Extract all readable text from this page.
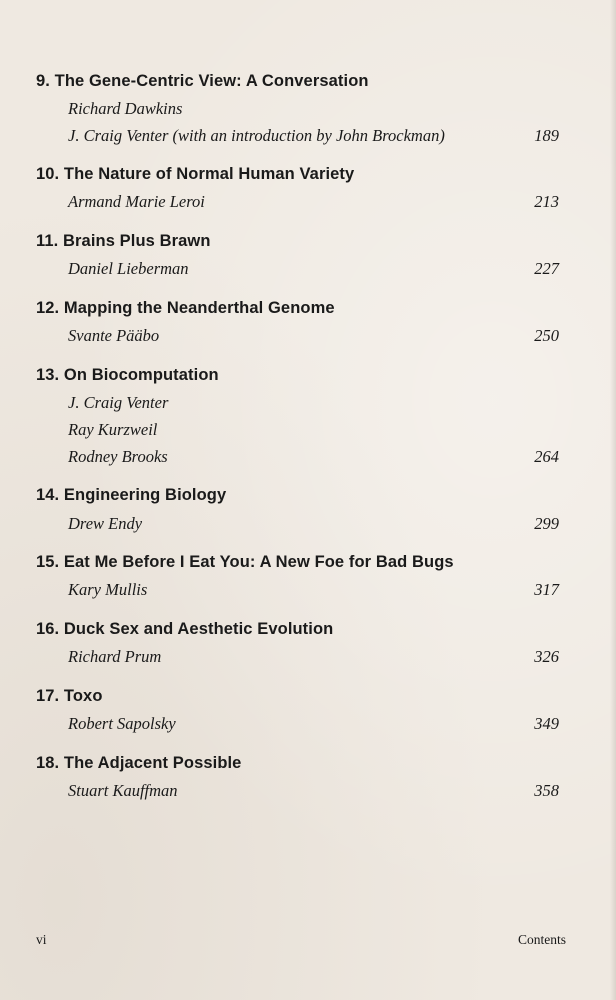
9. The Gene-Centric View: A Conversation
Richard Dawkins
J. Craig Venter (with an introduction by John Brockman)	189
10. The Nature of Normal Human Variety
Armand Marie Leroi	213
11. Brains Plus Brawn
Daniel Lieberman	227
12. Mapping the Neanderthal Genome
Svante Pääbo	250
13. On Biocomputation
J. Craig Venter
Ray Kurzweil
Rodney Brooks	264
14. Engineering Biology
Drew Endy	299
15. Eat Me Before I Eat You: A New Foe for Bad Bugs
Kary Mullis	317
16. Duck Sex and Aesthetic Evolution
Richard Prum	326
17. Toxo
Robert Sapolsky	349
18. The Adjacent Possible
Stuart Kauffman	358
vi	Contents
